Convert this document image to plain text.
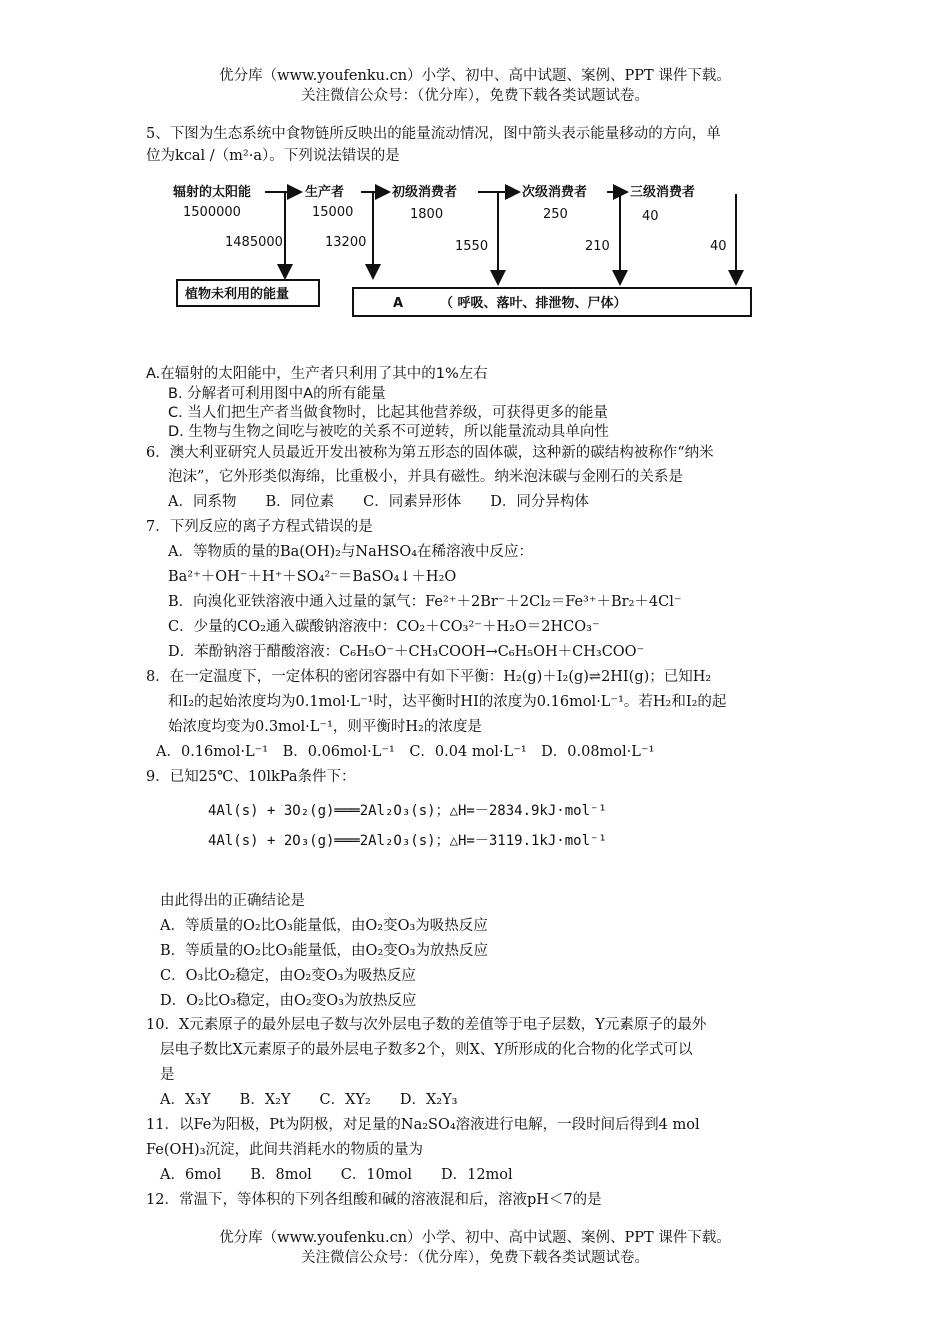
优分库（www.youfenku.cn）小学、初中、高中试题、案例、PPT 课件下载。
关注微信公众号：（优分库），免费下载各类试题试卷。
5、下图为生态系统中食物链所反映出的能量流动情况，图中箭头表示能量移动的方向，单
位为kcal /（m²·a）。下列说法错误的是
辐射的太阳能	生产者	初级消费者	次级消费者	三级消费者
1500000	15000	1800	250	40
1485000	13200	1550	210	40
植物未利用的能量
A	（ 呼吸、落叶、排泄物、尸体）
A.在辐射的太阳能中，生产者只利用了其中的1%左右
B. 分解者可利用图中A的所有能量
C. 当人们把生产者当做食物时，比起其他营养级，可获得更多的能量
D. 生物与生物之间吃与被吃的关系不可逆转，所以能量流动具单向性
6．澳大利亚研究人员最近开发出被称为第五形态的固体碳，这种新的碳结构被称作“纳米
泡沫”，它外形类似海绵，比重极小，并具有磁性。纳米泡沫碳与金刚石的关系是
A．同系物　　B．同位素　　C．同素异形体　　D．同分异构体
7．下列反应的离子方程式错误的是
A．等物质的量的Ba(OH)₂与NaHSO₄在稀溶液中反应：
Ba²⁺＋OH⁻＋H⁺＋SO₄²⁻＝BaSO₄↓＋H₂O
B．向溴化亚铁溶液中通入过量的氯气：Fe²⁺＋2Br⁻＋2Cl₂＝Fe³⁺＋Br₂＋4Cl⁻
C．少量的CO₂通入碳酸钠溶液中：CO₂＋CO₃²⁻＋H₂O＝2HCO₃⁻
D．苯酚钠溶于醋酸溶液：C₆H₅O⁻＋CH₃COOH→C₆H₅OH＋CH₃COO⁻
8．在一定温度下，一定体积的密闭容器中有如下平衡：H₂(g)＋I₂(g)⇌2HI(g)；已知H₂
和I₂的起始浓度均为0.1mol·L⁻¹时，达平衡时HI的浓度为0.16mol·L⁻¹。若H₂和I₂的起
始浓度均变为0.3mol·L⁻¹，则平衡时H₂的浓度是
A．0.16mol·L⁻¹　B．0.06mol·L⁻¹　C．0.04 mol·L⁻¹　D．0.08mol·L⁻¹
9．已知25℃、10lkPa条件下：
4Al(s) + 3O₂(g)═══2Al₂O₃(s)；△H=－2834.9kJ·mol⁻¹
4Al(s) + 2O₃(g)═══2Al₂O₃(s)；△H=－3119.1kJ·mol⁻¹
由此得出的正确结论是
A．等质量的O₂比O₃能量低，由O₂变O₃为吸热反应
B．等质量的O₂比O₃能量低，由O₂变O₃为放热反应
C．O₃比O₂稳定，由O₂变O₃为吸热反应
D．O₂比O₃稳定，由O₂变O₃为放热反应
10．X元素原子的最外层电子数与次外层电子数的差值等于电子层数，Y元素原子的最外
层电子数比X元素原子的最外层电子数多2个，则X、Y所形成的化合物的化学式可以
是
A．X₃Y　　B．X₂Y　　C．XY₂　　D．X₂Y₃
11．以Fe为阳极，Pt为阴极，对足量的Na₂SO₄溶液进行电解，一段时间后得到4 mol
Fe(OH)₃沉淀，此间共消耗水的物质的量为
A．6mol　　B．8mol　　C．10mol　　D．12mol
12．常温下，等体积的下列各组酸和碱的溶液混和后，溶液pH＜7的是
优分库（www.youfenku.cn）小学、初中、高中试题、案例、PPT 课件下载。
关注微信公众号：（优分库），免费下载各类试题试卷。
